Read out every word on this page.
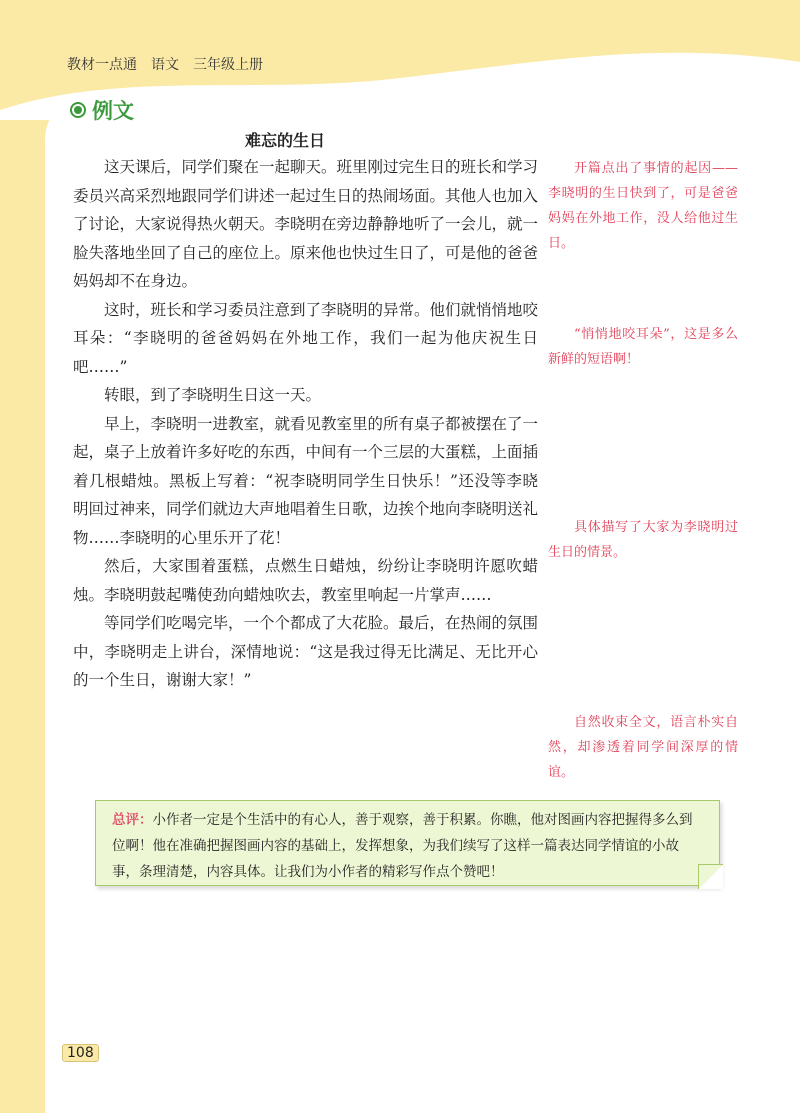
教材一点通 语文 三年级上册
例文
难忘的生日

这天课后，同学们聚在一起聊天。班里刚过完生日的班长和学习委员兴高采烈地跟同学们讲述一起过生日的热闹场面。其他人也加入了讨论，大家说得热火朝天。李晓明在旁边静静地听了一会儿，就一脸失落地坐回了自己的座位上。原来他也快过生日了，可是他的爸爸妈妈却不在身边。

这时，班长和学习委员注意到了李晓明的异常。他们就悄悄地咬耳朵：“李晓明的爸爸妈妈在外地工作，我们一起为他庆祝生日吧……”

转眼，到了李晓明生日这一天。

早上，李晓明一进教室，就看见教室里的所有桌子都被摆在了一起，桌子上放着许多好吃的东西，中间有一个三层的大蛋糕，上面插着几根蜡烛。黑板上写着：“祝李晓明同学生日快乐！”还没等李晓明回过神来，同学们就边大声地唱着生日歌，边挨个地向李晓明送礼物……李晓明的心里乐开了花！

然后，大家围着蛋糕，点燃生日蜡烛，纷纷让李晓明许愿吹蜡烛。李晓明鼓起嘴使劲向蜡烛吹去，教室里响起一片掌声……

等同学们吃喝完毕，一个个都成了大花脸。最后，在热闹的氛围中，李晓明走上讲台，深情地说：“这是我过得无比满足、无比开心的一个生日，谢谢大家！”

开篇点出了事情的起因——李晓明的生日快到了，可是爸爸妈妈在外地工作，没人给他过生日。
“悄悄地咬耳朵”，这是多么新鲜的短语啊！
具体描写了大家为李晓明过生日的情景。
自然收束全文，语言朴实自然，却渗透着同学间深厚的情谊。
总评：小作者一定是个生活中的有心人，善于观察，善于积累。你瞧，他对图画内容把握得多么到位啊！他在准确把握图画内容的基础上，发挥想象，为我们续写了这样一篇表达同学情谊的小故事，条理清楚，内容具体。让我们为小作者的精彩写作点个赞吧！
108
